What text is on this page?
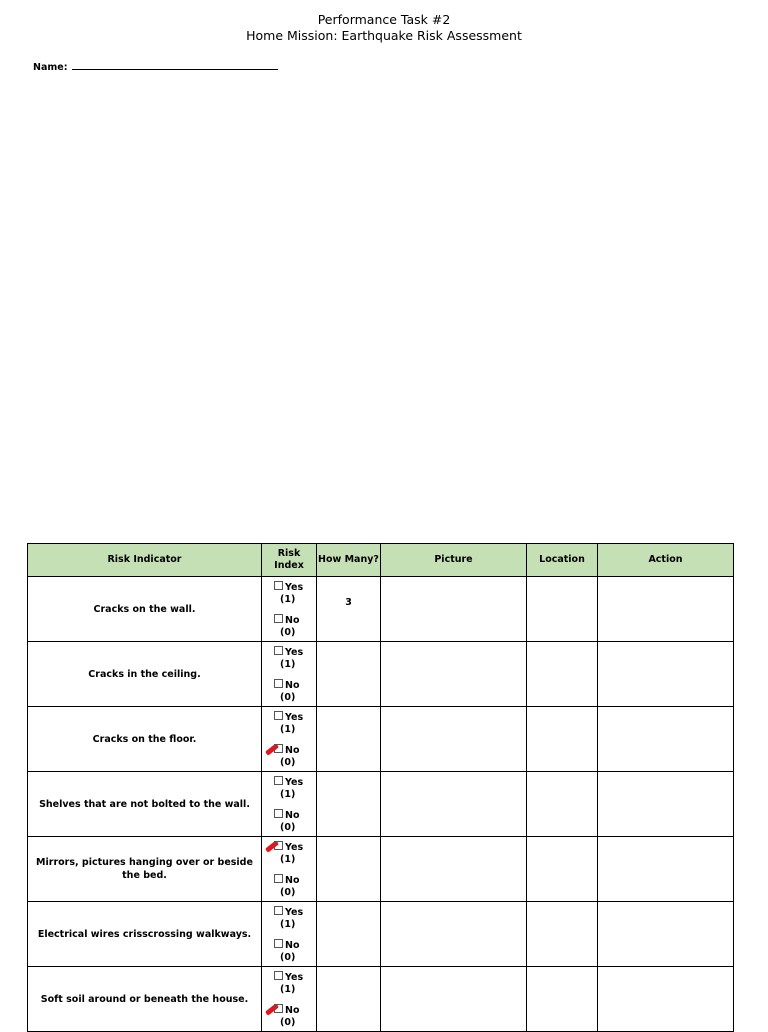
Performance Task #2
Home Mission: Earthquake Risk Assessment
Name:
Risk Indicator	Risk Index	How Many?	Picture	Location	Action
Cracks on the wall.	Yes
(1)
No
(0)	3			
Cracks in the ceiling.	Yes
(1)
No
(0)				

Cracks on the floor.	Yes
(1)
No
(0)				

Shelves that are not bolted to the wall.	Yes
(1)
No
(0)				

Mirrors, pictures hanging over or beside the bed.	Yes
(1)
No
(0)				

Electrical wires crisscrossing walkways.	Yes
(1)
No
(0)				

Soft soil around or beneath the house.	Yes
(1)
No
(0)				
